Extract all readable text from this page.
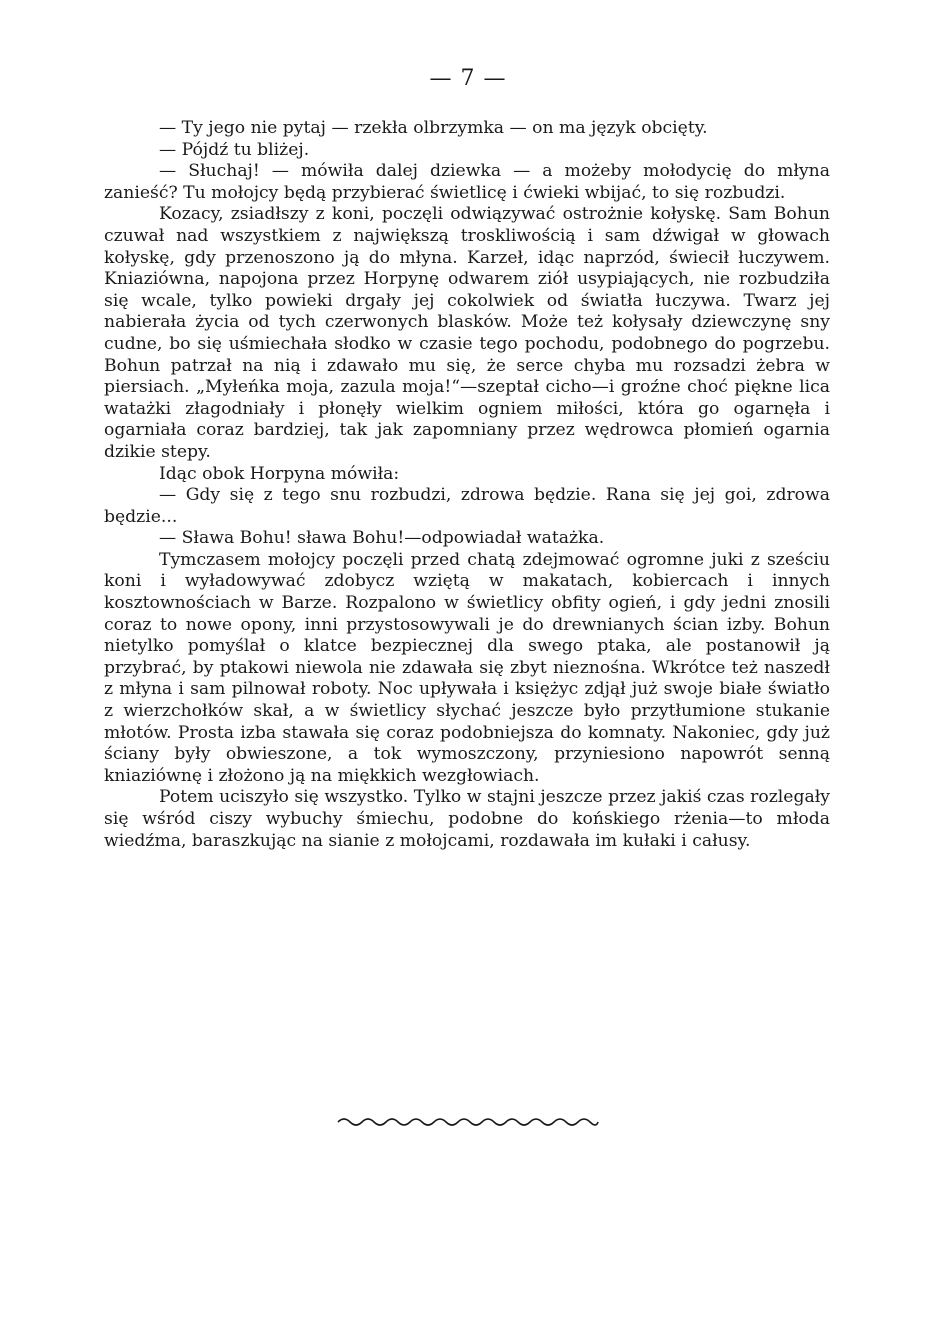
— 7 —

— Ty jego nie pytaj — rzekła olbrzymka — on ma język obcięty.

— Pójdź tu bliżej.

— Słuchaj! — mówiła dalej dziewka — a możeby mołodycię do młyna zanieść? Tu mołojcy będą przybierać świetlicę i ćwieki wbijać, to się rozbudzi.

Kozacy, zsiadłszy z koni, poczęli odwiązywać ostrożnie kołyskę. Sam Bohun czuwał nad wszystkiem z największą troskliwością i sam dźwigał w głowach kołyskę, gdy przenoszono ją do młyna. Karzeł, idąc naprzód, świecił łuczywem. Kniaziówna, napojona przez Horpynę odwarem ziół usypiających, nie rozbudziła się wcale, tylko powieki drgały jej cokolwiek od światła łuczywa. Twarz jej nabierała życia od tych czerwonych blasków. Może też kołysały dziewczynę sny cudne, bo się uśmiechała słodko w czasie tego pochodu, podobnego do pogrzebu. Bohun patrzał na nią i zdawało mu się, że serce chyba mu rozsadzi żebra w piersiach. „Myłeńka moja, zazula moja!“—szeptał cicho—i groźne choć piękne lica watażki złagodniały i płonęły wielkim ogniem miłości, która go ogarnęła i ogarniała coraz bardziej, tak jak zapomniany przez wędrowca płomień ogarnia dzikie stepy.

Idąc obok Horpyna mówiła:

— Gdy się z tego snu rozbudzi, zdrowa będzie. Rana się jej goi, zdrowa będzie...

— Sława Bohu! sława Bohu!—odpowiadał watażka.

Tymczasem mołojcy poczęli przed chatą zdejmować ogromne juki z sześciu koni i wyładowywać zdobycz wziętą w makatach, kobiercach i innych kosztownościach w Barze. Rozpalono w świetlicy obfity ogień, i gdy jedni znosili coraz to nowe opony, inni przystosowywali je do drewnianych ścian izby. Bohun nietylko pomyślał o klatce bezpiecznej dla swego ptaka, ale postanowił ją przybrać, by ptakowi niewola nie zdawała się zbyt nieznośna. Wkrótce też naszedł z młyna i sam pilnował roboty. Noc upływała i księżyc zdjął już swoje białe światło z wierzchołków skał, a w świetlicy słychać jeszcze było przytłumione stukanie młotów. Prosta izba stawała się coraz podobniejsza do komnaty. Nakoniec, gdy już ściany były obwieszone, a tok wymoszczony, przyniesiono napowrót senną kniaziównę i złożono ją na miękkich wezgłowiach.

Potem uciszyło się wszystko. Tylko w stajni jeszcze przez jakiś czas rozlegały się wśród ciszy wybuchy śmiechu, podobne do końskiego rżenia—to młoda wiedźma, baraszkując na sianie z mołojcami, rozdawała im kułaki i całusy.
